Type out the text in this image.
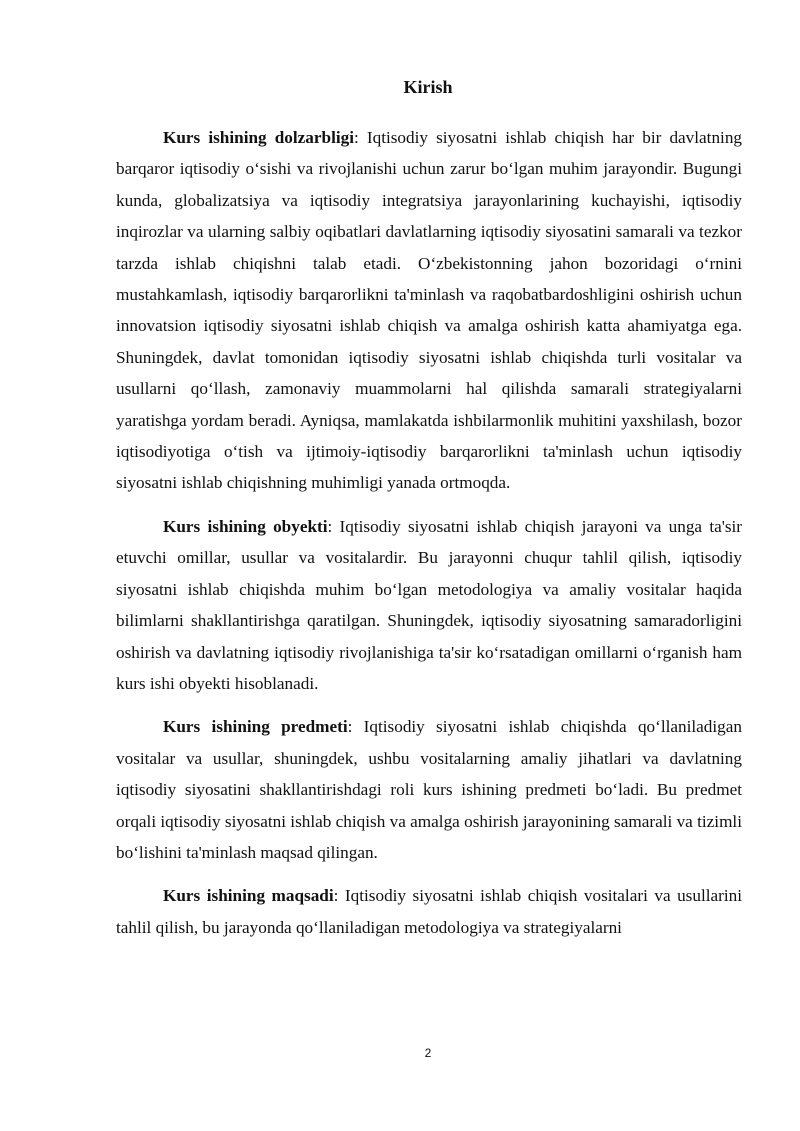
Kirish

Kurs ishining dolzarbligi: Iqtisodiy siyosatni ishlab chiqish har bir davlatning barqaror iqtisodiy o‘sishi va rivojlanishi uchun zarur bo‘lgan muhim jarayondir. Bugungi kunda, globalizatsiya va iqtisodiy integratsiya jarayonlarining kuchayishi, iqtisodiy inqirozlar va ularning salbiy oqibatlari davlatlarning iqtisodiy siyosatini samarali va tezkor tarzda ishlab chiqishni talab etadi. O‘zbekistonning jahon bozoridagi o‘rnini mustahkamlash, iqtisodiy barqarorlikni ta'minlash va raqobatbardoshligini oshirish uchun innovatsion iqtisodiy siyosatni ishlab chiqish va amalga oshirish katta ahamiyatga ega. Shuningdek, davlat tomonidan iqtisodiy siyosatni ishlab chiqishda turli vositalar va usullarni qo‘llash, zamonaviy muammolarni hal qilishda samarali strategiyalarni yaratishga yordam beradi. Ayniqsa, mamlakatda ishbilarmonlik muhitini yaxshilash, bozor iqtisodiyotiga o‘tish va ijtimoiy-iqtisodiy barqarorlikni ta'minlash uchun iqtisodiy siyosatni ishlab chiqishning muhimligi yanada ortmoqda.

Kurs ishining obyekti: Iqtisodiy siyosatni ishlab chiqish jarayoni va unga ta'sir etuvchi omillar, usullar va vositalardir. Bu jarayonni chuqur tahlil qilish, iqtisodiy siyosatni ishlab chiqishda muhim bo‘lgan metodologiya va amaliy vositalar haqida bilimlarni shakllantirishga qaratilgan. Shuningdek, iqtisodiy siyosatning samaradorligini oshirish va davlatning iqtisodiy rivojlanishiga ta'sir ko‘rsatadigan omillarni o‘rganish ham kurs ishi obyekti hisoblanadi.

Kurs ishining predmeti: Iqtisodiy siyosatni ishlab chiqishda qo‘llaniladigan vositalar va usullar, shuningdek, ushbu vositalarning amaliy jihatlari va davlatning iqtisodiy siyosatini shakllantirishdagi roli kurs ishining predmeti bo‘ladi. Bu predmet orqali iqtisodiy siyosatni ishlab chiqish va amalga oshirish jarayonining samarali va tizimli bo‘lishini ta'minlash maqsad qilingan.

Kurs ishining maqsadi: Iqtisodiy siyosatni ishlab chiqish vositalari va usullarini tahlil qilish, bu jarayonda qo‘llaniladigan metodologiya va strategiyalarni

2
